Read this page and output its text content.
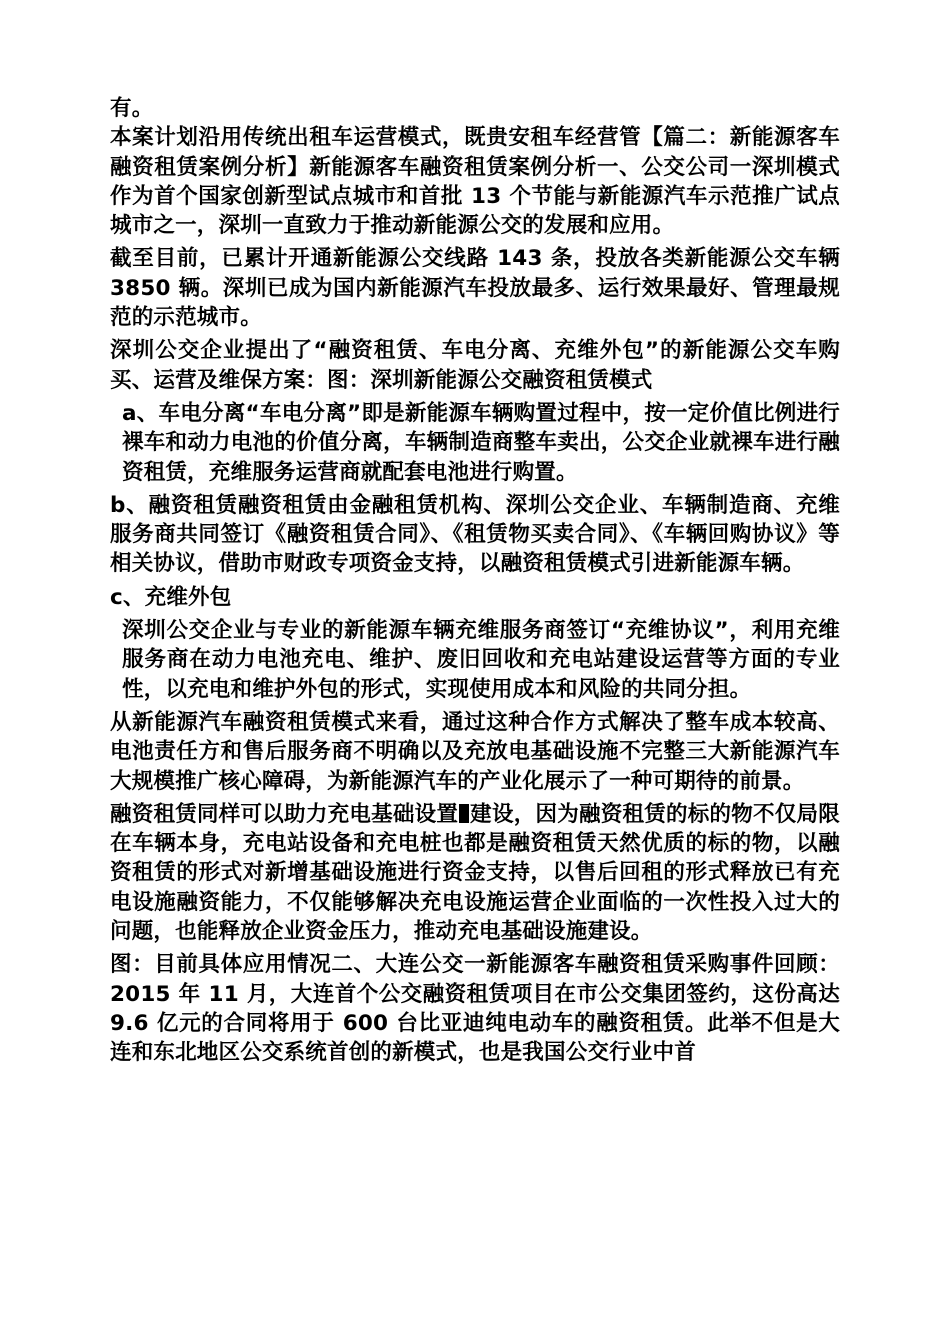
有。

本案计划沿用传统出租车运营模式，既贵安租车经营管【篇二：新能源客车融资租赁案例分析】新能源客车融资租赁案例分析一、公交公司一深圳模式作为首个国家创新型试点城市和首批 13 个节能与新能源汽车示范推广试点城市之一，深圳一直致力于推动新能源公交的发展和应用。

截至目前，已累计开通新能源公交线路 143 条，投放各类新能源公交车辆 3850 辆。深圳已成为国内新能源汽车投放最多、运行效果最好、管理最规范的示范城市。

深圳公交企业提出了“融资租赁、车电分离、充维外包”的新能源公交车购买、运营及维保方案：图：深圳新能源公交融资租赁模式

a、车电分离“车电分离”即是新能源车辆购置过程中，按一定价值比例进行裸车和动力电池的价值分离，车辆制造商整车卖出，公交企业就裸车进行融资租赁，充维服务运营商就配套电池进行购置。

b、融资租赁融资租赁由金融租赁机构、深圳公交企业、车辆制造商、充维服务商共同签订《融资租赁合同》、《租赁物买卖合同》、《车辆回购协议》等相关协议，借助市财政专项资金支持，以融资租赁模式引进新能源车辆。

c、充维外包

深圳公交企业与专业的新能源车辆充维服务商签订“充维协议”，利用充维服务商在动力电池充电、维护、废旧回收和充电站建设运营等方面的专业性，以充电和维护外包的形式，实现使用成本和风险的共同分担。

从新能源汽车融资租赁模式来看，通过这种合作方式解决了整车成本较高、电池责任方和售后服务商不明确以及充放电基础设施不完整三大新能源汽车大规模推广核心障碍，为新能源汽车的产业化展示了一种可期待的前景。

融资租赁同样可以助力充电基础设置 建设，因为融资租赁的标的物不仅局限在车辆本身，充电站设备和充电桩也都是融资租赁天然优质的标的物，以融资租赁的形式对新增基础设施进行资金支持，以售后回租的形式释放已有充电设施融资能力，不仅能够解决充电设施运营企业面临的一次性投入过大的问题，也能释放企业资金压力，推动充电基础设施建设。

图：目前具体应用情况二、大连公交一新能源客车融资租赁采购事件回顾：2015 年 11 月，大连首个公交融资租赁项目在市公交集团签约，这份高达 9.6 亿元的合同将用于 600 台比亚迪纯电动车的融资租赁。此举不但是大连和东北地区公交系统首创的新模式，也是我国公交行业中首
